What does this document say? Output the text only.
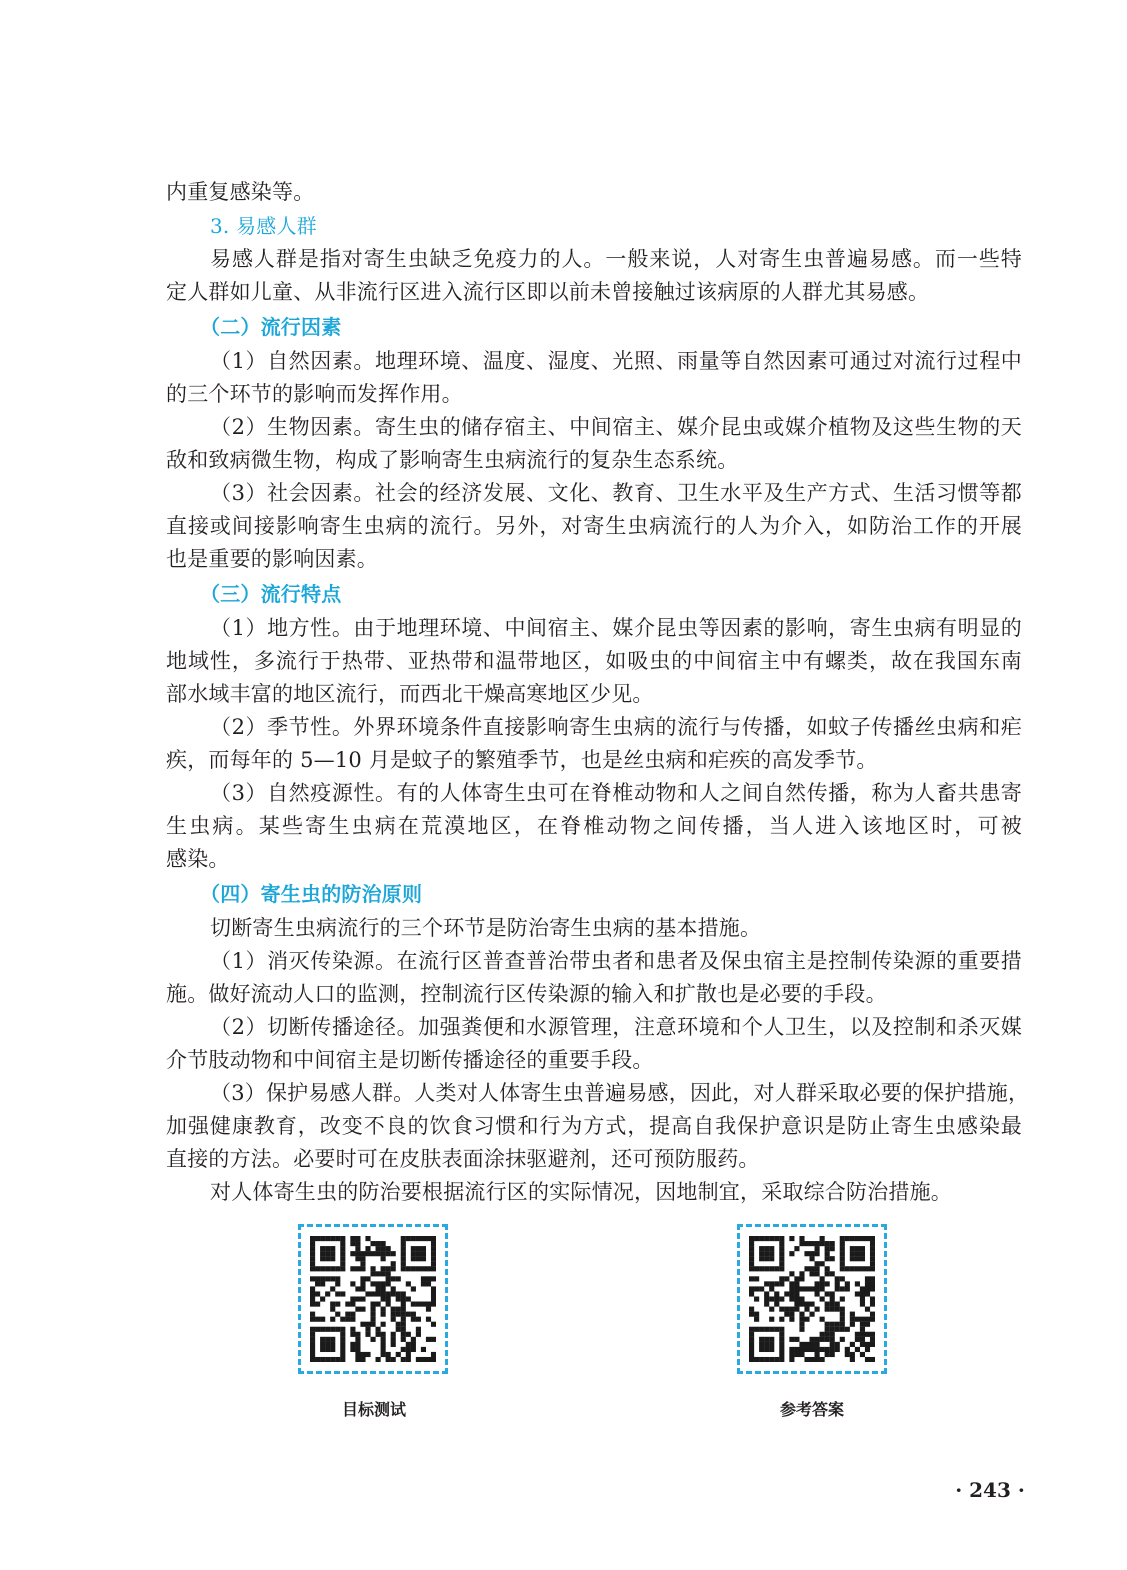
内重复感染等。
3. 易感人群
易感人群是指对寄生虫缺乏免疫力的人。一般来说，人对寄生虫普遍易感。而一些特
定人群如儿童、从非流行区进入流行区即以前未曾接触过该病原的人群尤其易感。
（二）流行因素
（1）自然因素。地理环境、温度、湿度、光照、雨量等自然因素可通过对流行过程中
的三个环节的影响而发挥作用。
（2）生物因素。寄生虫的储存宿主、中间宿主、媒介昆虫或媒介植物及这些生物的天
敌和致病微生物，构成了影响寄生虫病流行的复杂生态系统。
（3）社会因素。社会的经济发展、文化、教育、卫生水平及生产方式、生活习惯等都
直接或间接影响寄生虫病的流行。另外，对寄生虫病流行的人为介入，如防治工作的开展
也是重要的影响因素。
（三）流行特点
（1）地方性。由于地理环境、中间宿主、媒介昆虫等因素的影响，寄生虫病有明显的
地域性，多流行于热带、亚热带和温带地区，如吸虫的中间宿主中有螺类，故在我国东南
部水域丰富的地区流行，而西北干燥高寒地区少见。
（2）季节性。外界环境条件直接影响寄生虫病的流行与传播，如蚊子传播丝虫病和疟
疾，而每年的 5—10 月是蚊子的繁殖季节，也是丝虫病和疟疾的高发季节。
（3）自然疫源性。有的人体寄生虫可在脊椎动物和人之间自然传播，称为人畜共患寄
生虫病。某些寄生虫病在荒漠地区，在脊椎动物之间传播，当人进入该地区时，可被
感染。
（四）寄生虫的防治原则
切断寄生虫病流行的三个环节是防治寄生虫病的基本措施。
（1）消灭传染源。在流行区普查普治带虫者和患者及保虫宿主是控制传染源的重要措
施。做好流动人口的监测，控制流行区传染源的输入和扩散也是必要的手段。
（2）切断传播途径。加强粪便和水源管理，注意环境和个人卫生，以及控制和杀灭媒
介节肢动物和中间宿主是切断传播途径的重要手段。
（3）保护易感人群。人类对人体寄生虫普遍易感，因此，对人群采取必要的保护措施，
加强健康教育，改变不良的饮食习惯和行为方式，提高自我保护意识是防止寄生虫感染最
直接的方法。必要时可在皮肤表面涂抹驱避剂，还可预防服药。
对人体寄生虫的防治要根据流行区的实际情况，因地制宜，采取综合防治措施。
目标测试	参考答案
· 243 ·
